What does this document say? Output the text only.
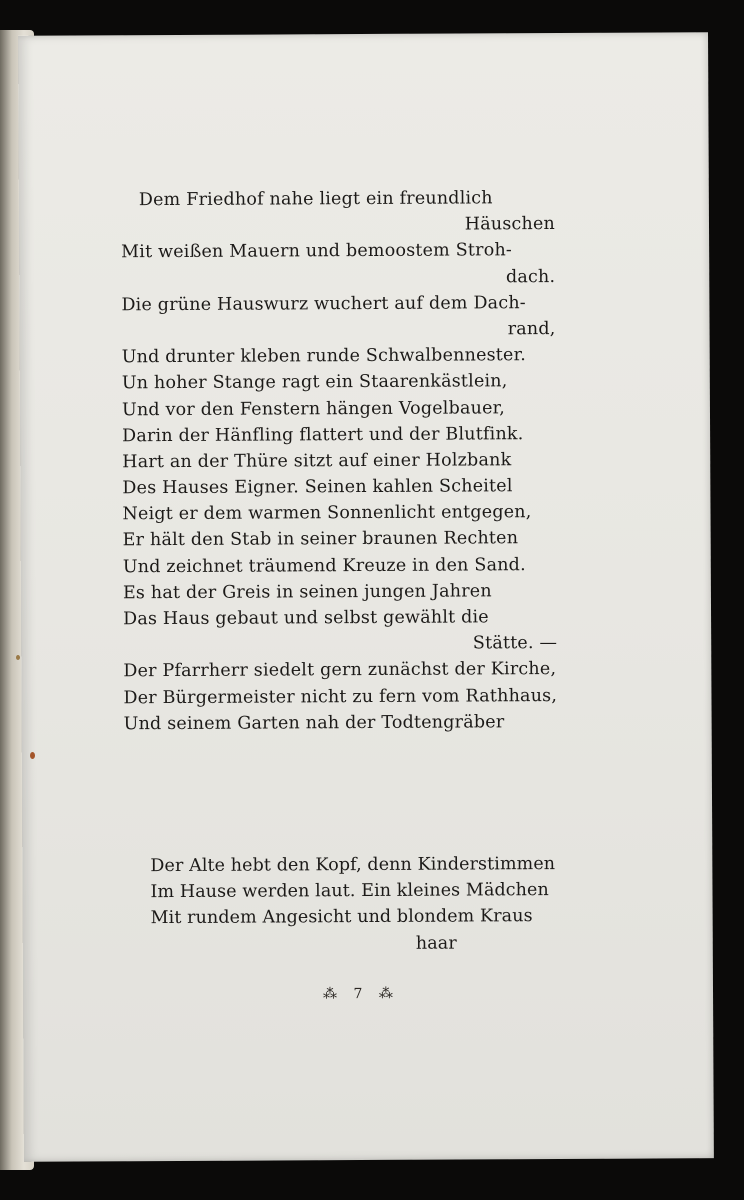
Dem Friedhof nahe liegt ein freundlich
Häuschen
Mit weißen Mauern und bemoostem Stroh-
dach.
Die grüne Hauswurz wuchert auf dem Dach-
rand,
Und drunter kleben runde Schwalbennester.
Un hoher Stange ragt ein Staarenkästlein,
Und vor den Fenstern hängen Vogelbauer,
Darin der Hänfling flattert und der Blutfink.
Hart an der Thüre sitzt auf einer Holzbank
Des Hauses Eigner. Seinen kahlen Scheitel
Neigt er dem warmen Sonnenlicht entgegen,
Er hält den Stab in seiner braunen Rechten
Und zeichnet träumend Kreuze in den Sand.
Es hat der Greis in seinen jungen Jahren
Das Haus gebaut und selbst gewählt die
Stätte. —
Der Pfarrherr siedelt gern zunächst der Kirche,
Der Bürgermeister nicht zu fern vom Rathhaus,
Und seinem Garten nah der Todtengräber
Der Alte hebt den Kopf, denn Kinderstimmen
Im Hause werden laut. Ein kleines Mädchen
Mit rundem Angesicht und blondem Kraus
haar
⁂ 7 ⁂
